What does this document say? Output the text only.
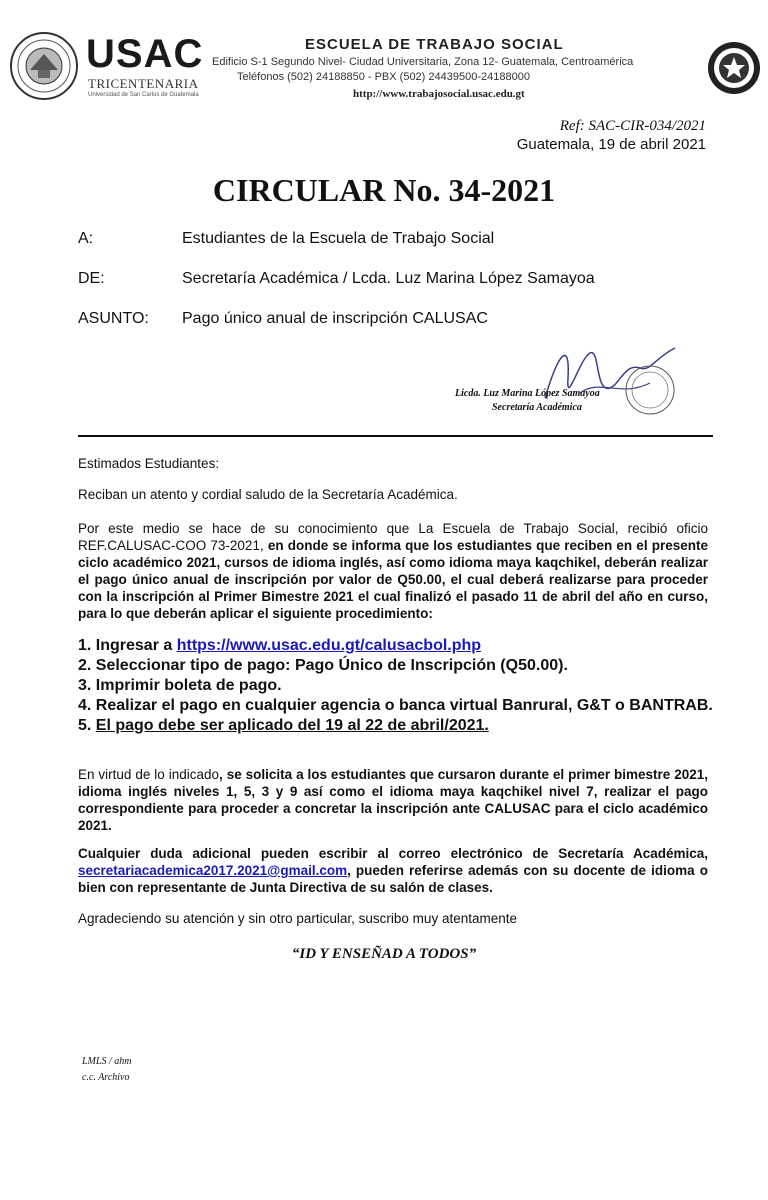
USAC
TRICENTENARIA
Universidad de San Carlos de Guatemala
ESCUELA DE TRABAJO SOCIAL
Edificio S-1 Segundo Nivel- Ciudad Universitaria, Zona 12- Guatemala, Centroamérica
Teléfonos (502) 24188850 - PBX (502) 24439500-24188000
http://www.trabajosocial.usac.edu.gt
Ref: SAC-CIR-034/2021
Guatemala, 19 de abril 2021
CIRCULAR No. 34-2021
A:	Estudiantes de la Escuela de Trabajo Social
DE:	Secretaría Académica / Lcda. Luz Marina López Samayoa
ASUNTO: Pago único anual de inscripción CALUSAC
Licda. Luz Marina López Samayoa
Secretaría Académica
Estimados Estudiantes:
Reciban un atento y cordial saludo de la Secretaría Académica.
Por este medio se hace de su conocimiento que La Escuela de Trabajo Social, recibió oficio REF.CALUSAC-COO 73-2021, en donde se informa que los estudiantes que reciben en el presente ciclo académico 2021, cursos de idioma inglés, así como idioma maya kaqchikel, deberán realizar el pago único anual de inscripción por valor de Q50.00, el cual deberá realizarse para proceder con la inscripción al Primer Bimestre 2021 el cual finalizó el pasado 11 de abril del año en curso, para lo que deberán aplicar el siguiente procedimiento:
1. Ingresar a https://www.usac.edu.gt/calusacbol.php
2. Seleccionar tipo de pago: Pago Único de Inscripción (Q50.00).
3. Imprimir boleta de pago.
4. Realizar el pago en cualquier agencia o banca virtual Banrural, G&T o BANTRAB.
5. El pago debe ser aplicado del 19 al 22 de abril/2021.
En virtud de lo indicado, se solicita a los estudiantes que cursaron durante el primer bimestre 2021, idioma inglés niveles 1, 5, 3 y 9 así como el idioma maya kaqchikel nivel 7, realizar el pago correspondiente para proceder a concretar la inscripción ante CALUSAC para el ciclo académico 2021.
Cualquier duda adicional pueden escribir al correo electrónico de Secretaría Académica, secretariacademica2017.2021@gmail.com, pueden referirse además con su docente de idioma o bien con representante de Junta Directiva de su salón de clases.
Agradeciendo su atención y sin otro particular, suscribo muy atentamente
“ID Y ENSEÑAD A TODOS”
LMLS / ahm
c.c. Archivo
